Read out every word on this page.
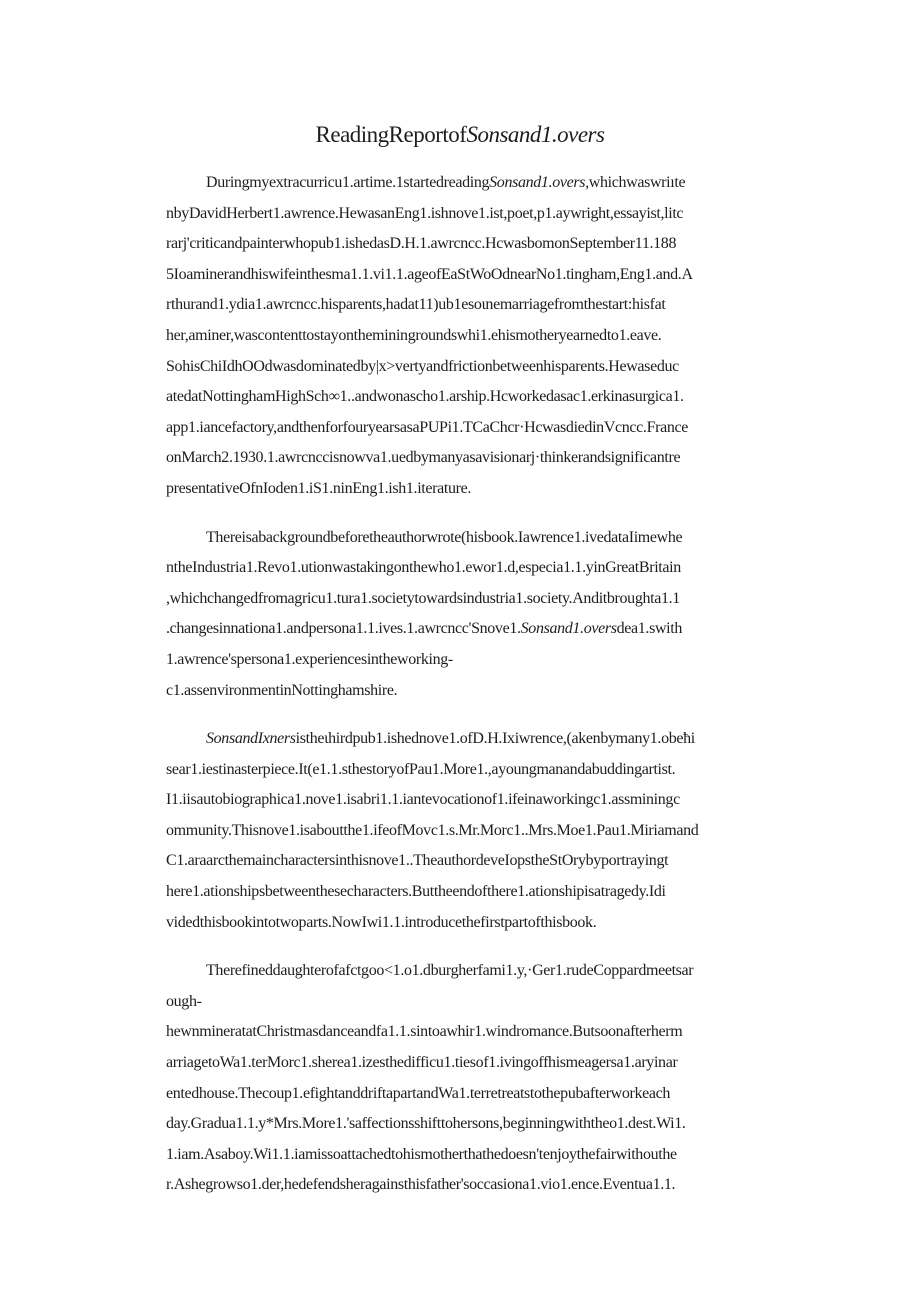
ReadingReportofSonsand1.overs
Duringmyextracurricu1.artime.1startedreadingSonsand1.overs,whichwaswriıte
nbyDavidHerbert1.awrence.HewasanEng1.ishnove1.ist,poet,p1.aywright,essayist,litc
rarj'criticandpainterwhopub1.ishedasD.H.1.awrcncc.HcwasbomonSeptember11.188
5Ioaminerandhiswifeinthesma1.1.vi1.1.ageofEaStWoOdnearNo1.tingham,Eng1.and.A
rthurand1.ydia1.awrcncc.hisparents,hadat11)ub1esoιnemarriagefromthestart:hisfat
her,aminer,wascontenttostayontheminingroundswhi1.ehismotheryearnedto1.eave.
SohisChiIdhOOdwasdominatedby|x>vertyandfrictionbetweenhisparents.Hewaseduc
atedatNottinghamHighSch∞1..andwonascho1.arship.Hcworkedasac1.erkinasurgica1.
app1.iancefactory,andthenforfouryearsasaPUPi1.TCaChcr·HcwasdiedinVcncc.France
onMarch2.1930.1.awrcnccisnowva1.uedbymanyasavisionarj·thinkerandsignificantre
presentativeOfnIoden1.iS1.ninEng1.ish1.iterature.
Thereisabackgroundbeforetheauthorwrote(hisbook.Iawrence1.ivedataIimewhe
ntheIndustria1.Revo1.utionwastakingonthewho1.ewor1.d,especia1.1.yinGreatBritain
,whichchangedfromagricu1.tura1.societytowardsindustria1.society.Anditbroughta1.1
.changesinnationa1.andpersona1.1.ives.1.awrcncc'Snove1.Sonsand1.oversdea1.swith
1.awrence'spersona1.experiencesintheworking-
c1.assenvironmentinNottinghamshire.
SonsandIxnersistheιhirdpub1.ishednove1.ofD.H.Ixiwrence,(akenbymany1.obeћi
sear1.iestinasterpiece.It(e1.1.sthestoryofPau1.More1.,ayoungmanandabuddingartist.
I1.iisautobiographica1.nove1.isabri1.1.iantevocationof1.ifeinaworkingc1.assminingc
ommunity.Thisnove1.isaboutthe1.ifeofMovc1.s.Mr.Morc1..Mrs.Moe1.Pau1.Miriamand
C1.araarcthemaincharactersinthisnove1..TheauthordeveIopstheStOrybyportrayingt
here1.ationshipsbetweenthesecharacters.Buttheendofthere1.ationshipisatragedy.Idi
videdthisbookintotwoparts.NowIwi1.1.introducethefirstpartofthisbook.
Therefineddaughterofafctgoo<1.o1.dburgherfami1.y,·Ger1.rudeCoppardmeetsar
ough-
hewnmineratatChristmasdanceandfa1.1.sintoawhir1.windromance.Butsoonafterherm
arriagetoWa1.terMorc1.sherea1.izesthedifficu1.tiesof1.ivingoffhismeagersa1.aryinar
entedhouse.Thecoup1.efightanddriftapartandWa1.terretreatstothepubafterworkeach
day.Gradua1.1.y*Mrs.More1.'saffectionsshifttohersons,beginningwiththeo1.dest.Wi1.
1.iam.Asaboy.Wi1.1.iamissoattachedtohismotherthathedoesn'tenjoythefairwithouthe
r.Ashegrowso1.der,hedefendsheragainsthisfather'soccasiona1.vio1.ence.Eventua1.1.
